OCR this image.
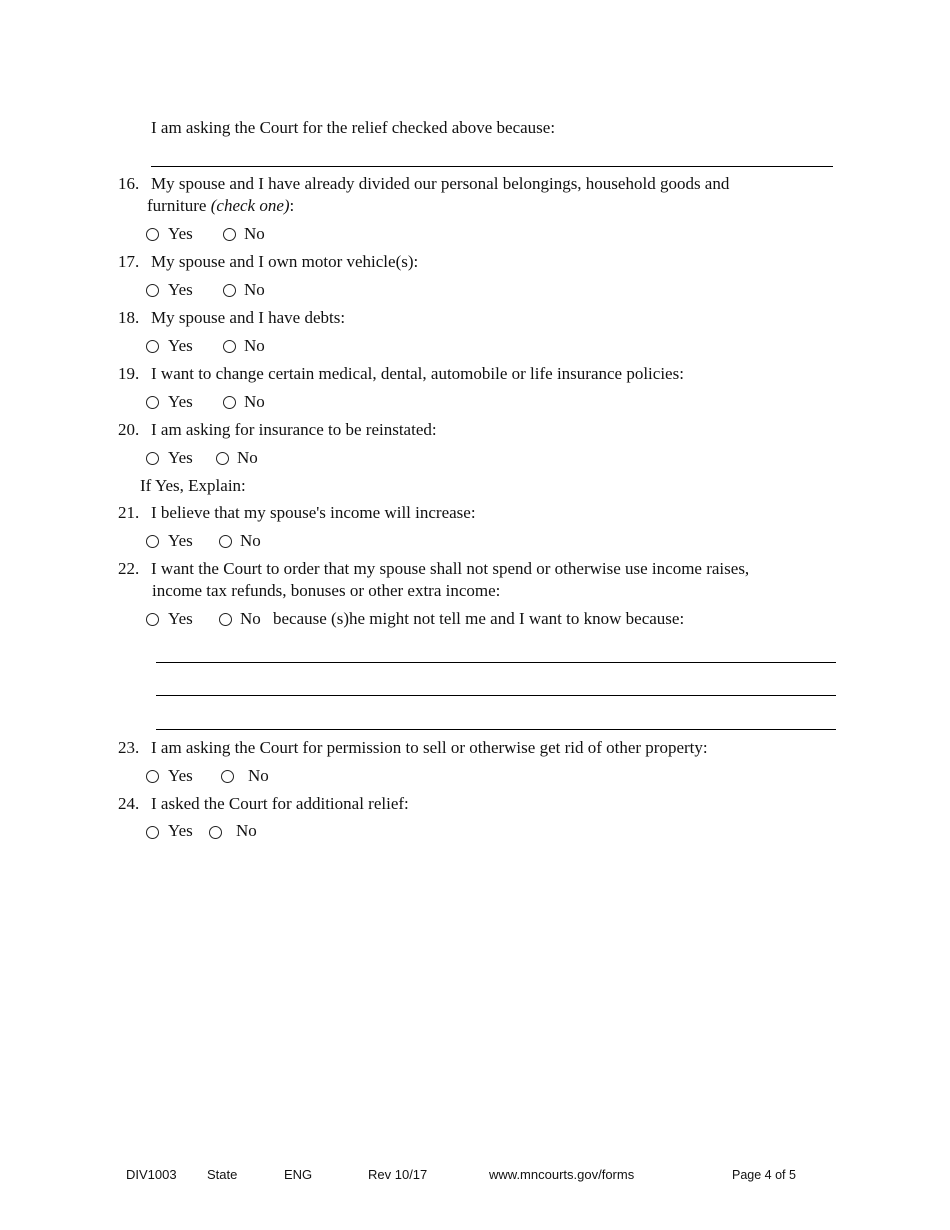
I am asking the Court for the relief checked above because:
16. My spouse and I have already divided our personal belongings, household goods and
furniture (check one):
Yes	No
17. My spouse and I own motor vehicle(s):
Yes	No
18. My spouse and I have debts:
Yes	No
19. I want to change certain medical, dental, automobile or life insurance policies:
Yes	No
20. I am asking for insurance to be reinstated:
Yes	No
If Yes, Explain:
21. I believe that my spouse's income will increase:
Yes	No
22. I want the Court to order that my spouse shall not spend or otherwise use income raises,
income tax refunds, bonuses or other extra income:
Yes	No because (s)he might not tell me and I want to know because:
23. I am asking the Court for permission to sell or otherwise get rid of other property:
Yes	No
24. I asked the Court for additional relief:
Yes	No
DIV1003 State	ENG	Rev 10/17	www.mncourts.gov/forms	Page 4 of 5
